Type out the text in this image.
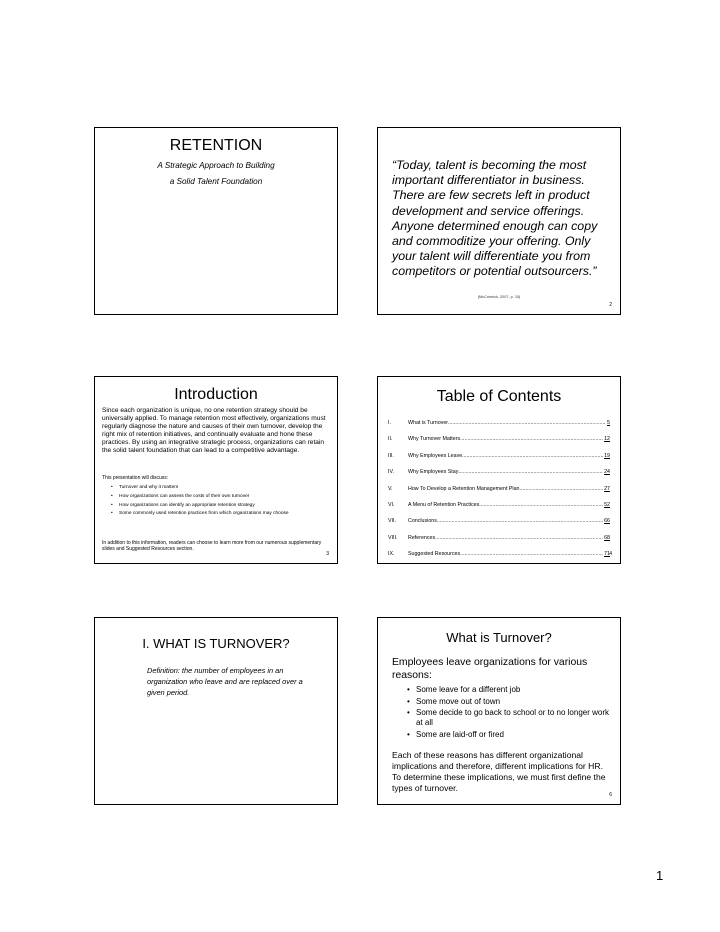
RETENTION
A Strategic Approach to Building
a Solid Talent Foundation
“Today, talent is becoming the most important differentiator in business. There are few secrets left in product development and service offerings. Anyone determined enough can copy and commoditize your offering. Only your talent will differentiate you from competitors or potential outsourcers.”
(McCormick, 2007, p. 15)
2
Introduction
Since each organization is unique, no one retention strategy should be universally applied. To manage retention most effectively, organizations must regularly diagnose the nature and causes of their own turnover, develop the right mix of retention initiatives, and continually evaluate and hone these practices. By using an integrative strategic process, organizations can retain the solid talent foundation that can lead to a competitive advantage.
This presentation will discuss:
• Turnover and why it matters
• How organizations can assess the costs of their own turnover
• How organizations can identify an appropriate retention strategy
• Some commonly used retention practices from which organizations may choose
In addition to this information, readers can choose to learn more from our numerous supplementary slides and Suggested Resources section.
3
Table of Contents
I.	What is Turnover .....	5
II.	Why Turnover Matters .....	12
III.	Why Employees Leave .....	19
IV.	Why Employees Stay .....	24
V.	How To Develop a Retention Management Plan .....	27
VI.	A Menu of Retention Practices .....	52
VII.	Conclusions .....	66
VIII.	References .....	68
IX.	Suggested Resources .....	71 4
I. WHAT IS TURNOVER?
Definition: the number of employees in an organization who leave and are replaced over a given period.
What is Turnover?
Employees leave organizations for various reasons:
• Some leave for a different job
• Some move out of town
• Some decide to go back to school or to no longer work at all
• Some are laid-off or fired
Each of these reasons has different organizational implications and therefore, different implications for HR. To determine these implications, we must first define the types of turnover.
6
1
